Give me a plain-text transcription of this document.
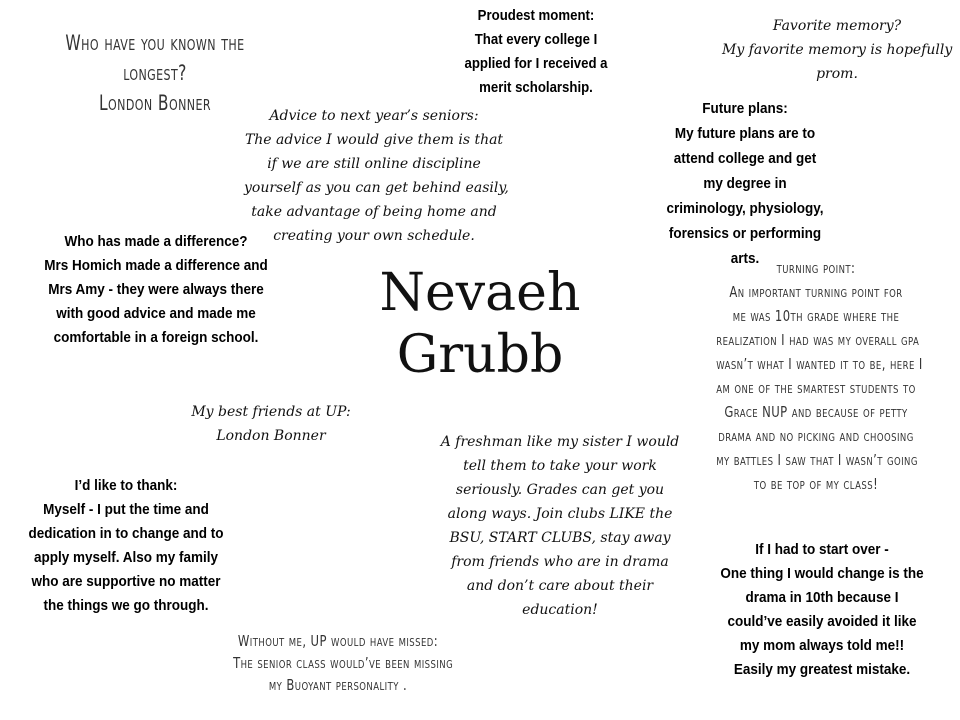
Who have you known the
longest?
London Bonner
Proudest moment:
That every college I
applied for I received a
merit scholarship.
Favorite memory?
My favorite memory is hopefully
prom.
Advice to next year’s seniors:
The advice I would give them is that
if we are still online discipline
yourself as you can get behind easily,
take advantage of being home and
creating your own schedule.
Future plans:
My future plans are to
attend college and get
my degree in
criminology, physiology,
forensics or performing
arts.
Who has made a difference?
Mrs Homich made a difference and
Mrs Amy - they were always there
with good advice and made me
comfortable in a foreign school.
Nevaeh
Grubb
turning point:
An important turning point for
me was 10th grade where the
realization I had was my overall gpa
wasn’t what I wanted it to be, here I
am one of the smartest students to
Grace NUP and because of petty
drama and no picking and choosing
my battles I saw that I wasn’t going
to be top of my class!
My best friends at UP:
London Bonner	A freshman like my sister I would
tell them to take your work
seriously. Grades can get you
along ways. Join clubs LIKE the
BSU, START CLUBS, stay away
from friends who are in drama
and don’t care about their
education!
I’d like to thank:
Myself - I put the time and
dedication in to change and to
apply myself. Also my family
who are supportive no matter
the things we go through.
If I had to start over -
One thing I would change is the
drama in 10th because I
could’ve easily avoided it like
my mom always told me!!
Easily my greatest mistake.
Without me, UP would have missed:
The senior class would’ve been missing
my Buoyant personality .
